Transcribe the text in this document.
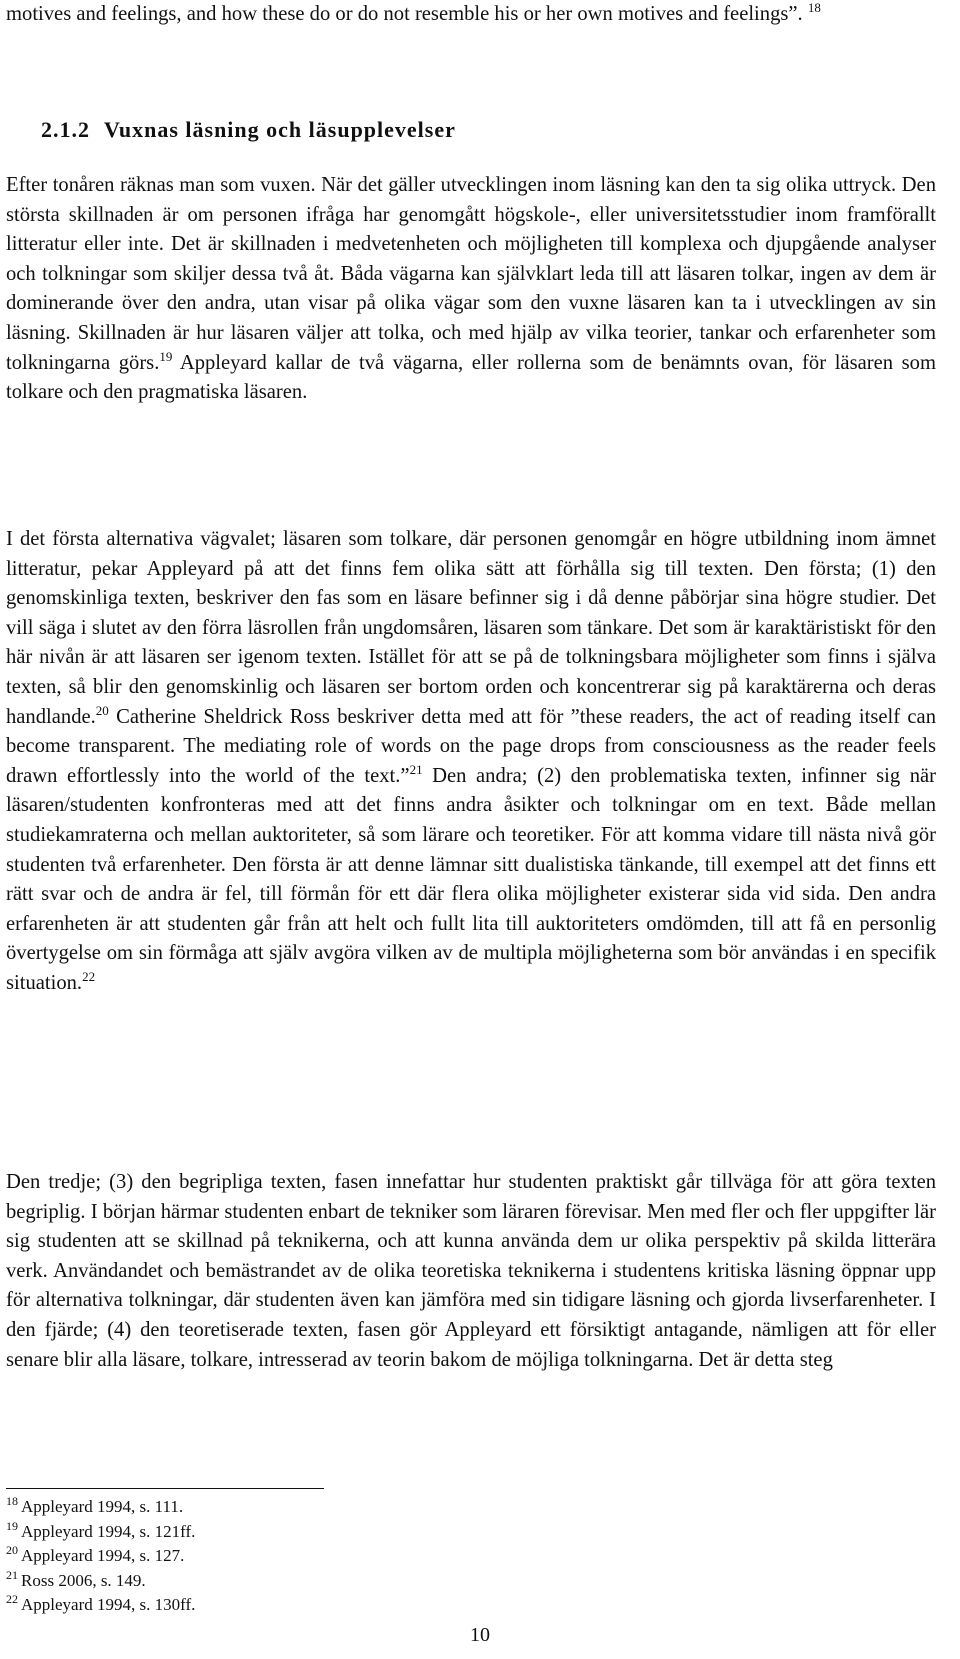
motives and feelings, and how these do or do not resemble his or her own motives and feelings”. $^{18}$

2.1.2 Vuxnas läsning och läsupplevelser

Efter tonåren räknas man som vuxen. När det gäller utvecklingen inom läsning kan den ta sig olika uttryck. Den största skillnaden är om personen ifråga har genomgått högskole-, eller universitetsstudier inom framförallt litteratur eller inte. Det är skillnaden i medvetenheten och möjligheten till komplexa och djupgående analyser och tolkningar som skiljer dessa två åt. Båda vägarna kan självklart leda till att läsaren tolkar, ingen av dem är dominerande över den andra, utan visar på olika vägar som den vuxne läsaren kan ta i utvecklingen av sin läsning. Skillnaden är hur läsaren väljer att tolka, och med hjälp av vilka teorier, tankar och erfarenheter som tolkningarna görs.$^{19}$ Appleyard kallar de två vägarna, eller rollerna som de benämnts ovan, för läsaren som tolkare och den pragmatiska läsaren.

I det första alternativa vägvalet; läsaren som tolkare, där personen genomgår en högre utbildning inom ämnet litteratur, pekar Appleyard på att det finns fem olika sätt att förhålla sig till texten. Den första; (1) den genomskinliga texten, beskriver den fas som en läsare befinner sig i då denne påbörjar sina högre studier. Det vill säga i slutet av den förra läsrollen från ungdomsåren, läsaren som tänkare. Det som är karaktäristiskt för den här nivån är att läsaren ser igenom texten. Istället för att se på de tolkningsbara möjligheter som finns i själva texten, så blir den genomskinlig och läsaren ser bortom orden och koncentrerar sig på karaktärerna och deras handlande.$^{20}$ Catherine Sheldrick Ross beskriver detta med att för ”these readers, the act of reading itself can become transparent. The mediating role of words on the page drops from consciousness as the reader feels drawn effortlessly into the world of the text.”$^{21}$ Den andra; (2) den problematiska texten, infinner sig när läsaren/studenten konfronteras med att det finns andra åsikter och tolkningar om en text. Både mellan studiekamraterna och mellan auktoriteter, så som lärare och teoretiker. För att komma vidare till nästa nivå gör studenten två erfarenheter. Den första är att denne lämnar sitt dualistiska tänkande, till exempel att det finns ett rätt svar och de andra är fel, till förmån för ett där flera olika möjligheter existerar sida vid sida. Den andra erfarenheten är att studenten går från att helt och fullt lita till auktoriteters omdömden, till att få en personlig övertygelse om sin förmåga att själv avgöra vilken av de multipla möjligheterna som bör användas i en specifik situation.$^{22}$

Den tredje; (3) den begripliga texten, fasen innefattar hur studenten praktiskt går tillväga för att göra texten begriplig. I början härmar studenten enbart de tekniker som läraren förevisar. Men med fler och fler uppgifter lär sig studenten att se skillnad på teknikerna, och att kunna använda dem ur olika perspektiv på skilda litterära verk. Användandet och bemästrandet av de olika teoretiska teknikerna i studentens kritiska läsning öppnar upp för alternativa tolkningar, där studenten även kan jämföra med sin tidigare läsning och gjorda livserfarenheter. I den fjärde; (4) den teoretiserade texten, fasen gör Appleyard ett försiktigt antagande, nämligen att för eller senare blir alla läsare, tolkare, intresserad av teorin bakom de möjliga tolkningarna. Det är detta steg

$^{18}$ Appleyard 1994, s. 111.

$^{19}$ Appleyard 1994, s. 121ff.

$^{20}$ Appleyard 1994, s. 127.

$^{21}$ Ross 2006, s. 149.

$^{22}$ Appleyard 1994, s. 130ff.

10
